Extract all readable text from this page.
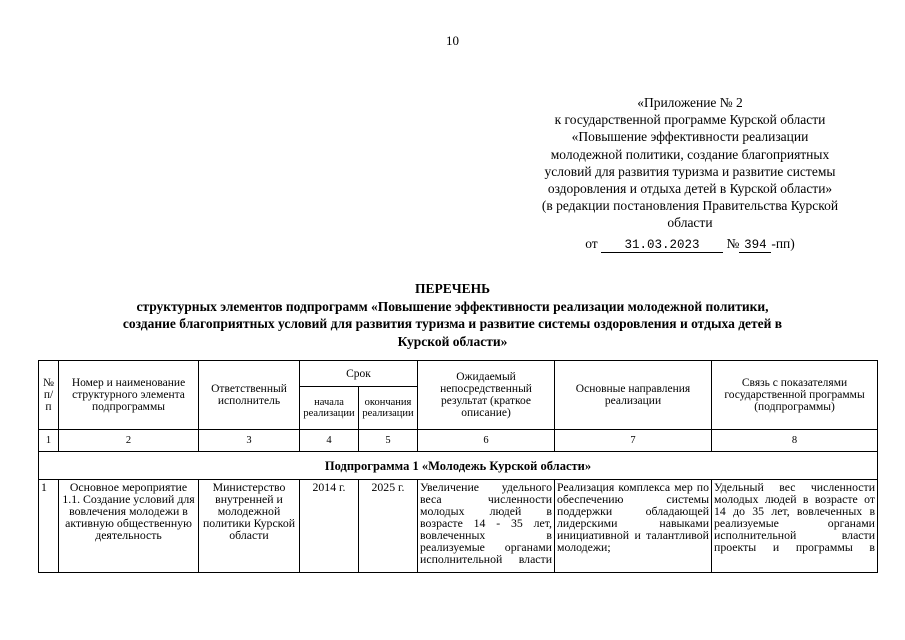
10
«Приложение № 2
к государственной программе Курской области
«Повышение эффективности реализации
молодежной политики, создание благоприятных
условий для развития туризма и развитие системы
оздоровления и отдыха детей в Курской области»
(в редакции постановления Правительства Курской
области
от 31.03.2023 № 394 -пп)
ПЕРЕЧЕНЬ
структурных элементов подпрограмм «Повышение эффективности реализации молодежной политики,
создание благоприятных условий для развития туризма и развитие системы оздоровления и отдыха детей в
Курской области»
№ п/п	Номер и наименование структурного элемента подпрограммы	Ответственный исполнитель	Срок		Ожидаемый непосредственный результат (краткое описание)	Основные направления реализации	Связь с показателями государственной программы (подпрограммы)
			начала реализации	окончания реализации			
1	2	3	4	5	6	7	8
Подпрограмма 1 «Молодежь Курской области»							
1	Основное мероприятие 1.1. Создание условий для вовлечения молодежи в активную общественную деятельность	Министерство внутренней и молодежной политики Курской области	2014 г.	2025 г.	Увеличение удельного веса численности молодых людей в возрасте 14 - 35 лет, вовлеченных в реализуемые органами исполнительной власти	Реализация комплекса мер по обеспечению системы поддержки обладающей лидерскими навыками инициативной и талантливой молодежи;	Удельный вес численности молодых людей в возрасте от 14 до 35 лет, вовлеченных в реализуемые органами исполнительной власти проекты и программы в
